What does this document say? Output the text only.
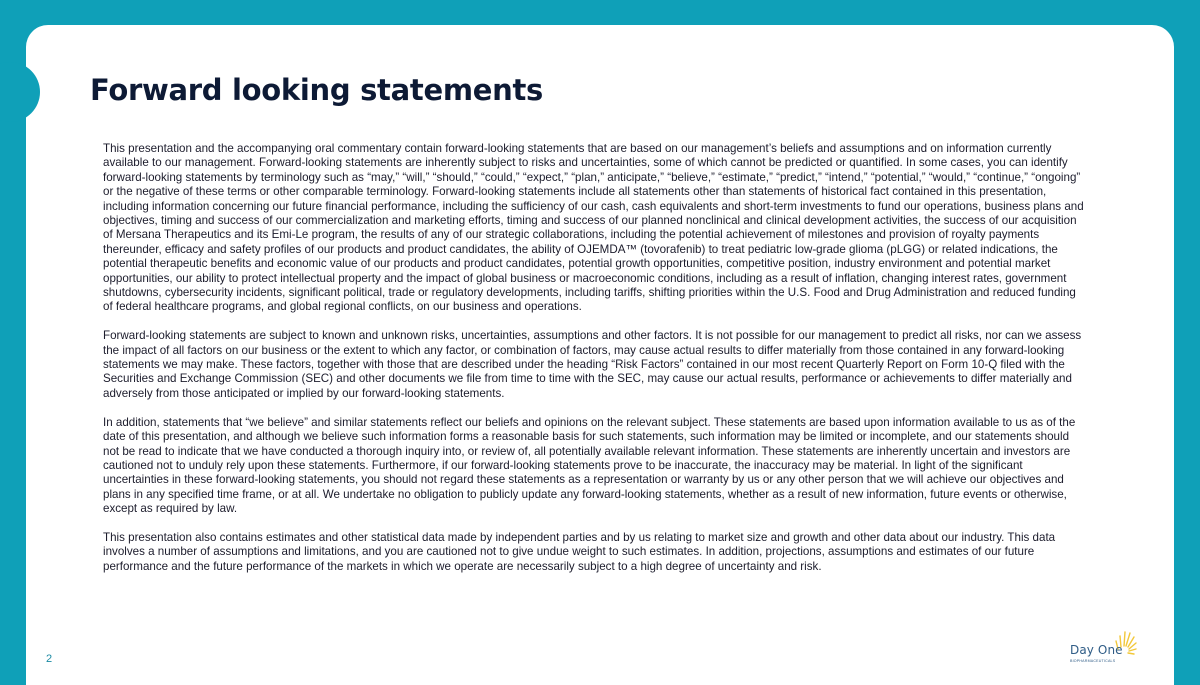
Forward looking statements

This presentation and the accompanying oral commentary contain forward-looking statements that are based on our management’s beliefs and assumptions and on information currently available to our management. Forward-looking statements are inherently subject to risks and uncertainties, some of which cannot be predicted or quantified. In some cases, you can identify forward-looking statements by terminology such as “may,” “will,” “should,” “could,” “expect,” “plan,” anticipate,” “believe,” “estimate,” “predict,” “intend,” “potential,” “would,” “continue,” “ongoing” or the negative of these terms or other comparable terminology. Forward-looking statements include all statements other than statements of historical fact contained in this presentation, including information concerning our future financial performance, including the sufficiency of our cash, cash equivalents and short-term investments to fund our operations, business plans and objectives, timing and success of our commercialization and marketing efforts, timing and success of our planned nonclinical and clinical development activities, the success of our acquisition of Mersana Therapeutics and its Emi-Le program, the results of any of our strategic collaborations, including the potential achievement of milestones and provision of royalty payments thereunder, efficacy and safety profiles of our products and product candidates, the ability of OJEMDA™ (tovorafenib) to treat pediatric low-grade glioma (pLGG) or related indications, the potential therapeutic benefits and economic value of our products and product candidates, potential growth opportunities, competitive position, industry environment and potential market opportunities, our ability to protect intellectual property and the impact of global business or macroeconomic conditions, including as a result of inflation, changing interest rates, government shutdowns, cybersecurity incidents, significant political, trade or regulatory developments, including tariffs, shifting priorities within the U.S. Food and Drug Administration and reduced funding of federal healthcare programs, and global regional conflicts, on our business and operations.

Forward-looking statements are subject to known and unknown risks, uncertainties, assumptions and other factors. It is not possible for our management to predict all risks, nor can we assess the impact of all factors on our business or the extent to which any factor, or combination of factors, may cause actual results to differ materially from those contained in any forward-looking statements we may make. These factors, together with those that are described under the heading “Risk Factors” contained in our most recent Quarterly Report on Form 10-Q filed with the Securities and Exchange Commission (SEC) and other documents we file from time to time with the SEC, may cause our actual results, performance or achievements to differ materially and adversely from those anticipated or implied by our forward-looking statements.

In addition, statements that “we believe” and similar statements reflect our beliefs and opinions on the relevant subject. These statements are based upon information available to us as of the date of this presentation, and although we believe such information forms a reasonable basis for such statements, such information may be limited or incomplete, and our statements should not be read to indicate that we have conducted a thorough inquiry into, or review of, all potentially available relevant information. These statements are inherently uncertain and investors are cautioned not to unduly rely upon these statements. Furthermore, if our forward-looking statements prove to be inaccurate, the inaccuracy may be material. In light of the significant uncertainties in these forward-looking statements, you should not regard these statements as a representation or warranty by us or any other person that we will achieve our objectives and plans in any specified time frame, or at all. We undertake no obligation to publicly update any forward-looking statements, whether as a result of new information, future events or otherwise, except as required by law.

This presentation also contains estimates and other statistical data made by independent parties and by us relating to market size and growth and other data about our industry. This data involves a number of assumptions and limitations, and you are cautioned not to give undue weight to such estimates. In addition, projections, assumptions and estimates of our future performance and the future performance of the markets in which we operate are necessarily subject to a high degree of uncertainty and risk.

2
Day One
BIOPHARMACEUTICALS
